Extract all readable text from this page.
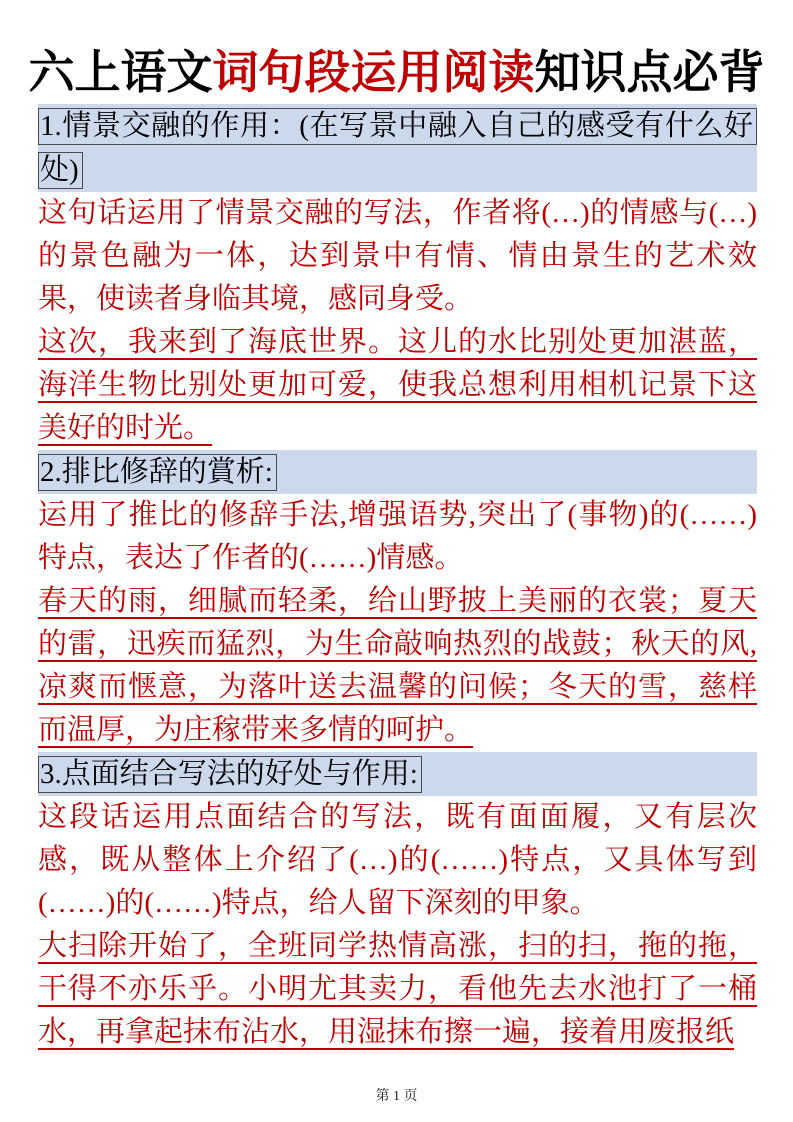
六上语文词句段运用阅读知识点必背
1.情景交融的作用：(在写景中融入自己的感受有什么好处)
这句话运用了情景交融的写法，作者将(…)的情感与(…)的景色融为一体，达到景中有情、情由景生的艺术效果，使读者身临其境，感同身受。
这次，我来到了海底世界。这儿的水比别处更加湛蓝，海洋生物比别处更加可爱，使我总想利用相机记景下这美好的时光。
2.排比修辞的賞析:
运用了推比的修辞手法,增强语势,突出了(事物)的(……)特点，表达了作者的(……)情感。
春天的雨，细腻而轻柔，给山野披上美丽的衣裳；夏天的雷，迅疾而猛烈，为生命敲响热烈的战鼓；秋天的风,凉爽而惬意，为落叶送去温馨的问候；冬天的雪，慈样而温厚，为庄稼带来多情的呵护。
3.点面结合写法的好处与作用:
这段话运用点面结合的写法，既有面面履，又有层次感，既从整体上介绍了(…)的(……)特点，又具体写到(……)的(……)特点，给人留下深刻的甲象。
大扫除开始了，全班同学热情高涨，扫的扫，拖的拖，干得不亦乐乎。小明尤其卖力，看他先去水池打了一桶水，再拿起抹布沾水，用湿抹布擦一遍，接着用废报纸
第 1 页
